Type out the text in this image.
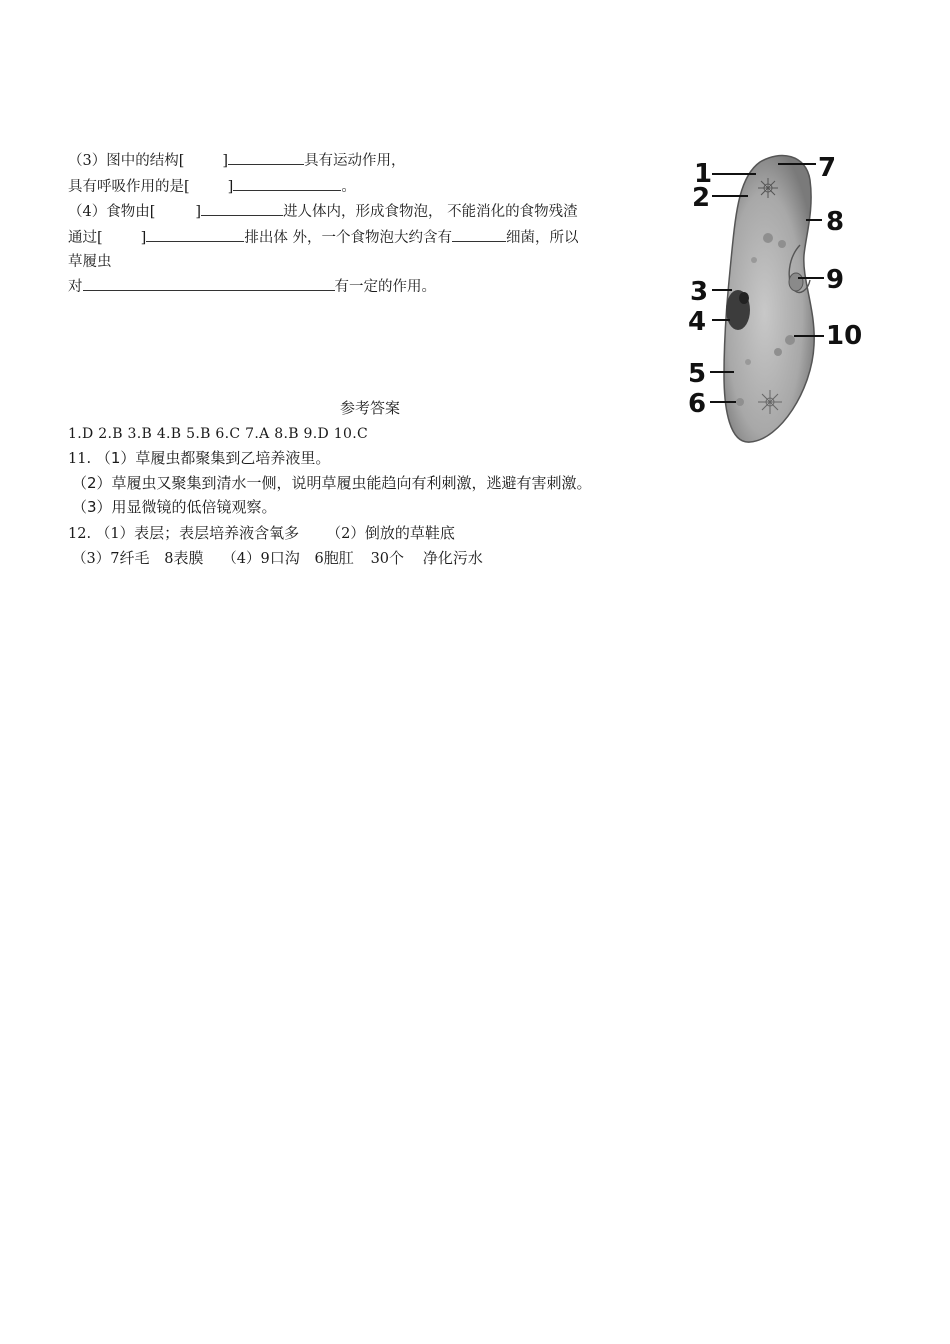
（3）图中的结构[	]	具有运动作用，
具有呼吸作用的是[	]	。
（4）食物由[	]	进人体内，形成食物泡， 不能消化的食物残渣
通过[	]	排出体 外，一个食物泡大约含有	细菌，所以
草履虫
对	有一定的作用。
1
2
3
4
5
6
7
8
9
10
参考答案
1.D 2.B 3.B 4.B 5.B 6.C 7.A 8.B 9.D 10.C
11. （1）草履虫都聚集到乙培养液里。
（2）草履虫又聚集到清水一侧，说明草履虫能趋向有利刺激，逃避有害刺激。
（3）用显微镜的低倍镜观察。
12. （1）表层；表层培养液含氧多 （2）倒放的草鞋底
（3）7纤毛 8表膜 （4）9口沟 6胞肛 30个 净化污水
